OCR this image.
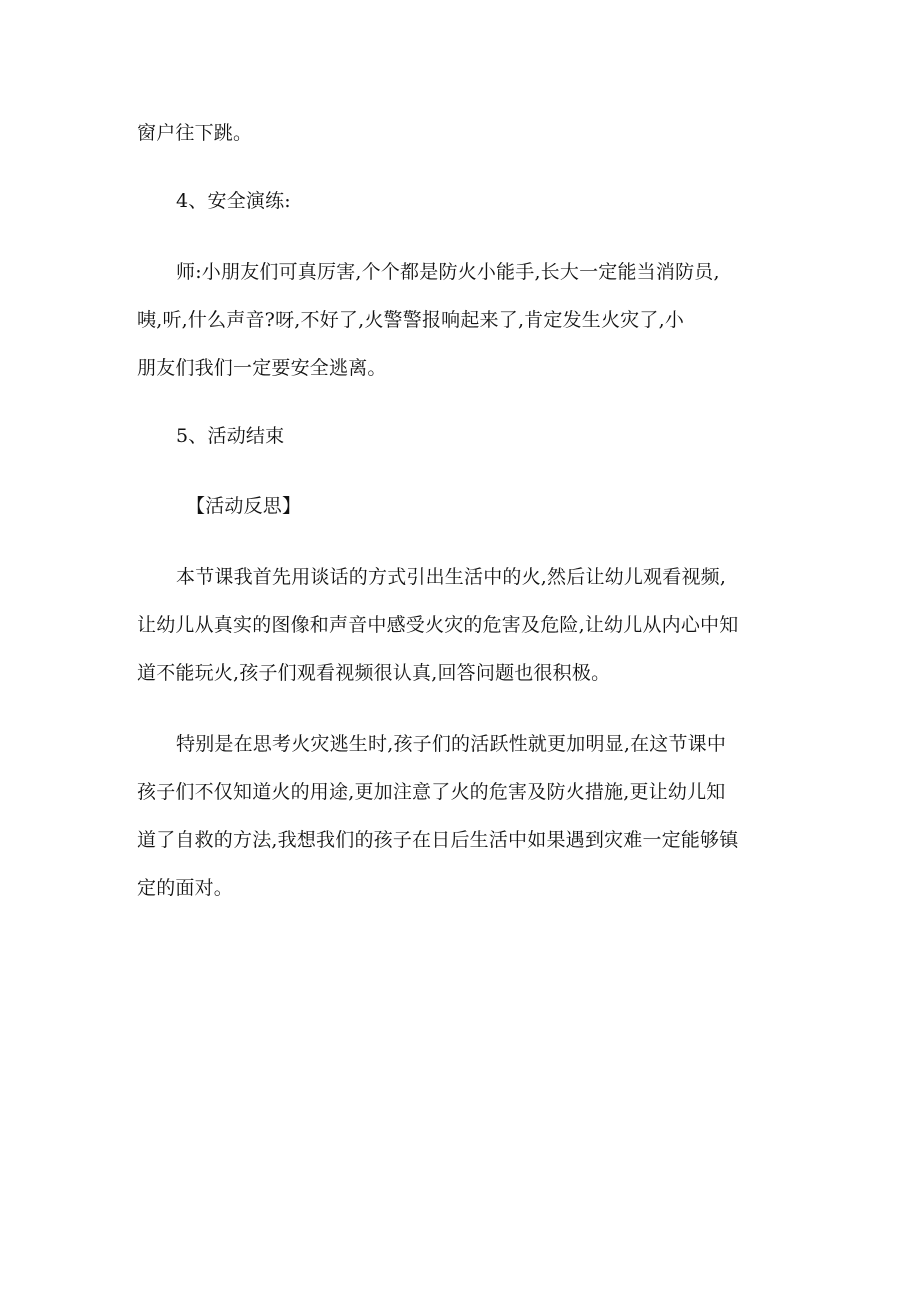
窗户往下跳。
4、安全演练:
师:小朋友们可真厉害,个个都是防火小能手,长大一定能当消防员,
咦,听,什么声音?呀,不好了,火警警报响起来了,肯定发生火灾了,小
朋友们我们一定要安全逃离。
5、活动结束
【活动反思】
本节课我首先用谈话的方式引出生活中的火,然后让幼儿观看视频,
让幼儿从真实的图像和声音中感受火灾的危害及危险,让幼儿从内心中知
道不能玩火,孩子们观看视频很认真,回答问题也很积极。
特别是在思考火灾逃生时,孩子们的活跃性就更加明显,在这节课中
孩子们不仅知道火的用途,更加注意了火的危害及防火措施,更让幼儿知
道了自救的方法,我想我们的孩子在日后生活中如果遇到灾难一定能够镇
定的面对。
